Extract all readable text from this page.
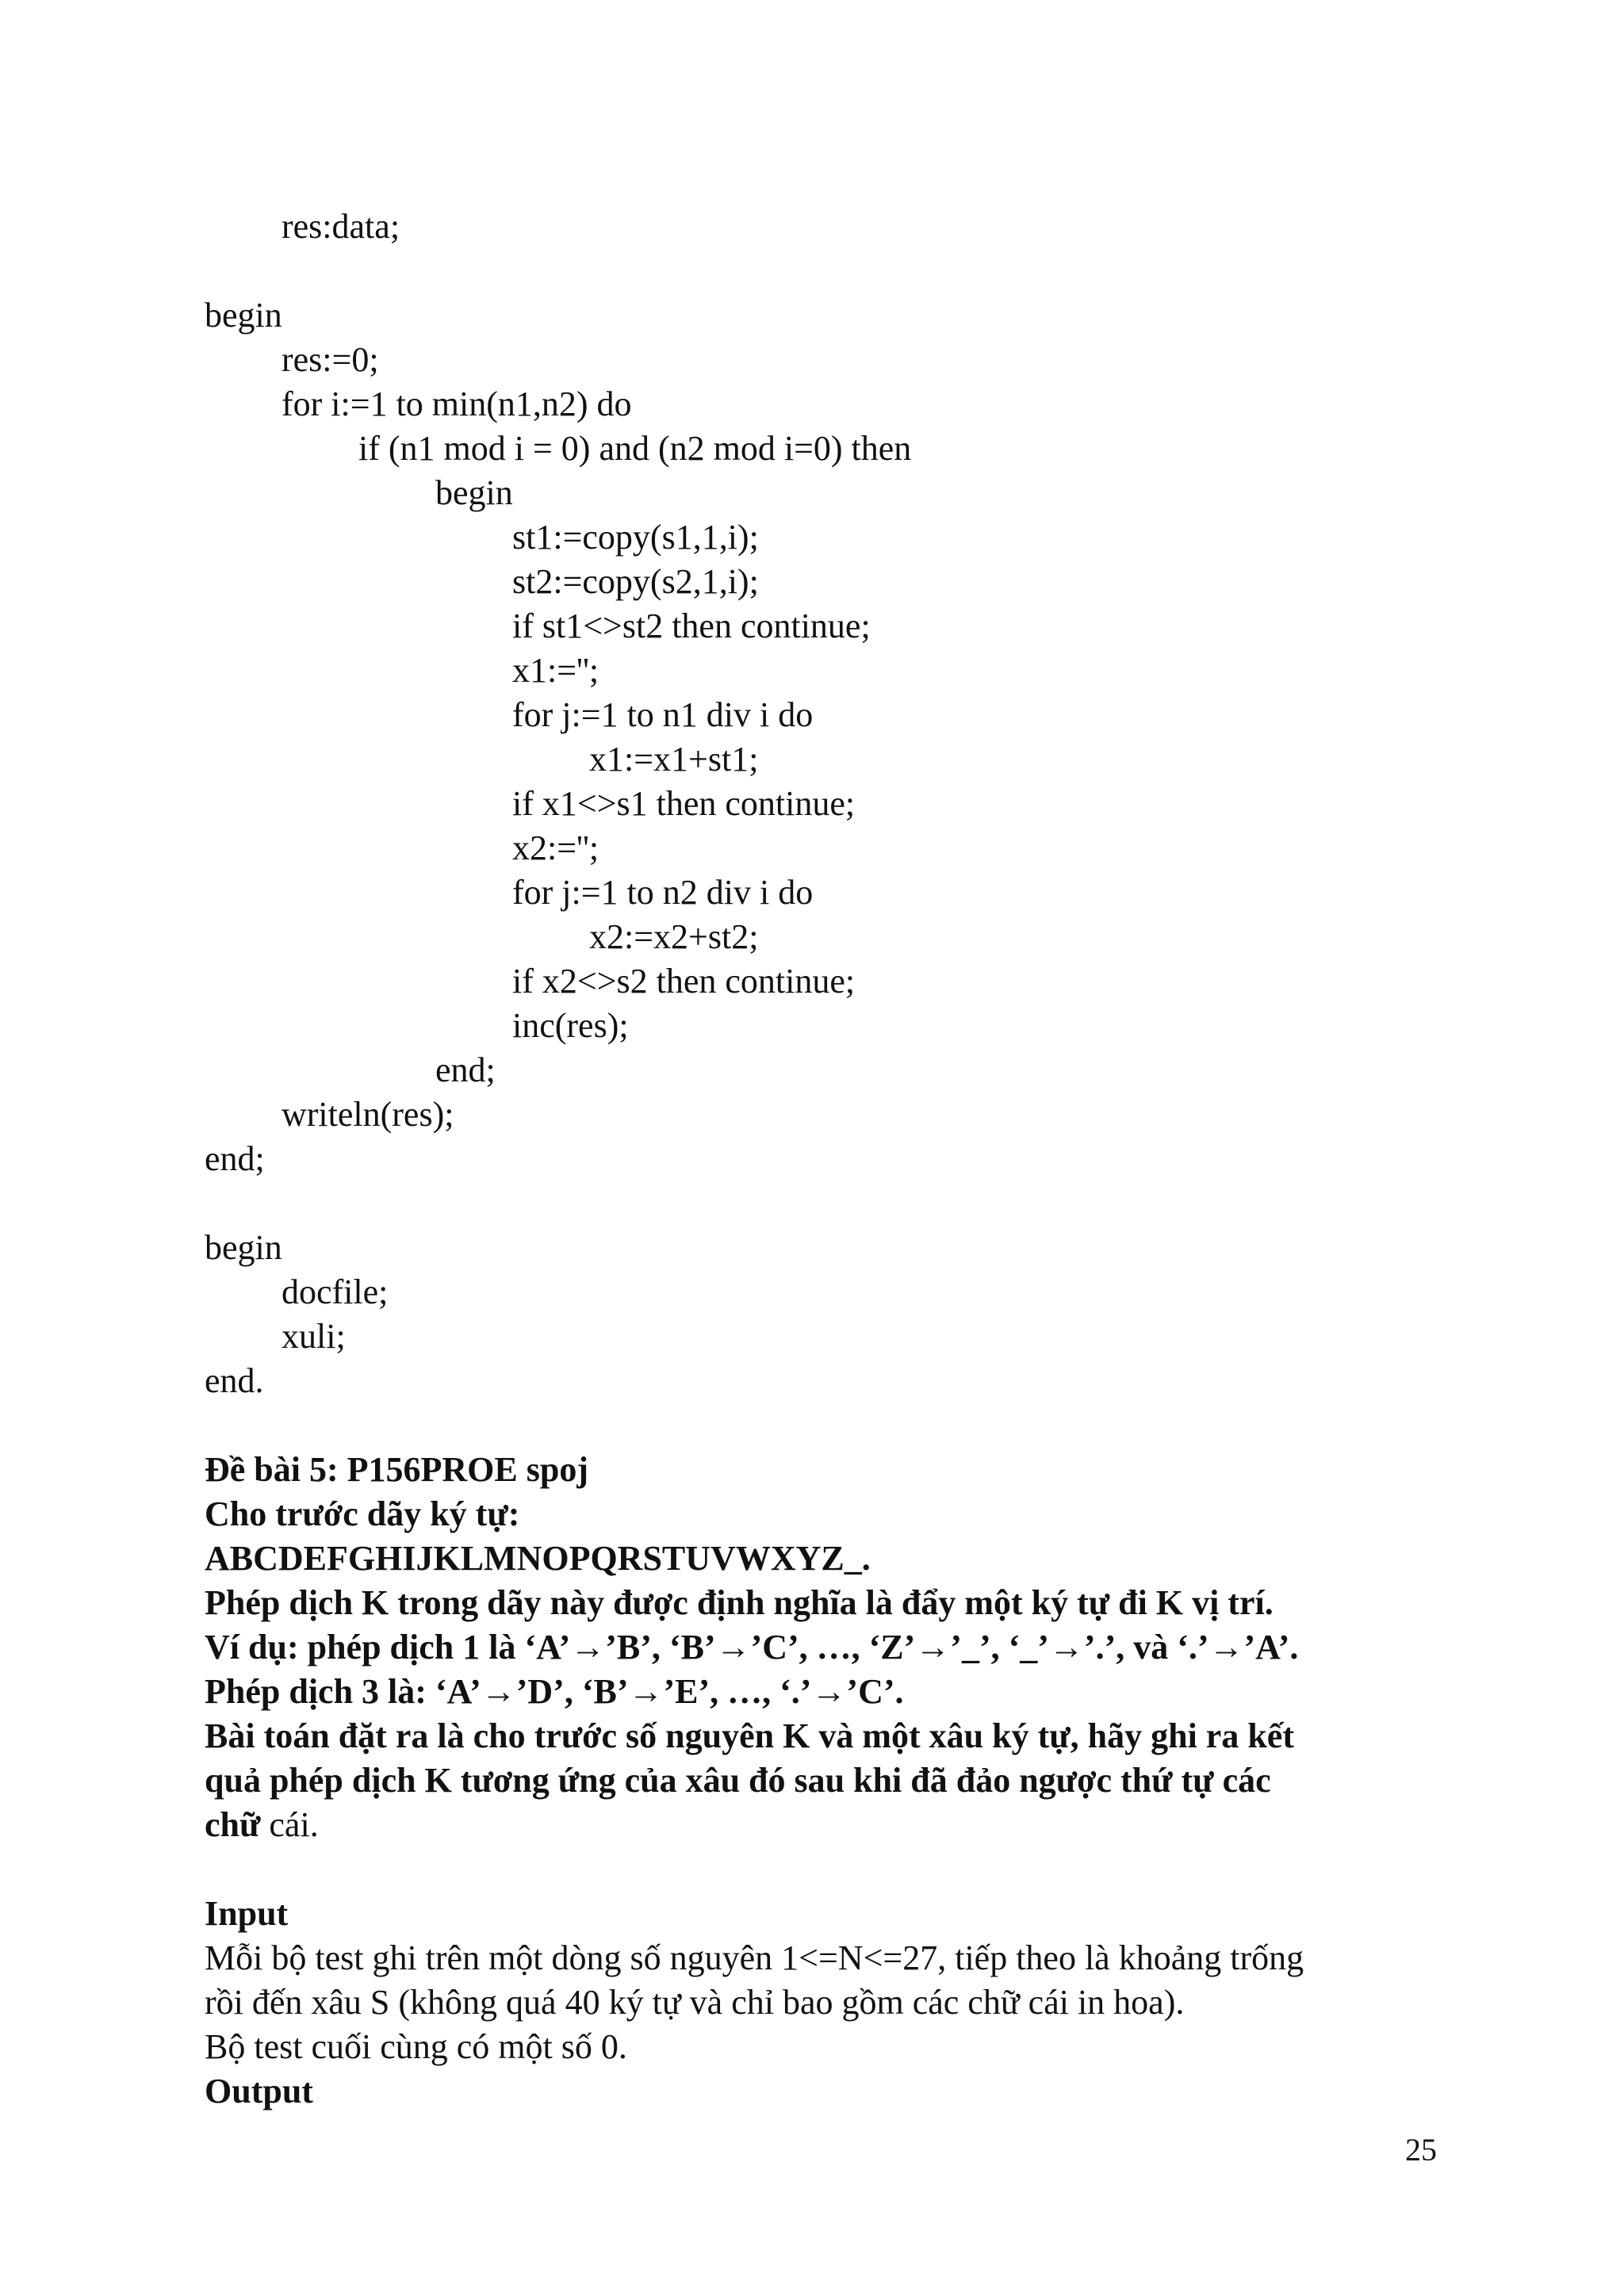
res:data;
begin
res:=0;
for i:=1 to min(n1,n2) do
if (n1 mod i = 0) and (n2 mod i=0) then
begin
st1:=copy(s1,1,i);
st2:=copy(s2,1,i);
if st1<>st2 then continue;
x1:='';
for j:=1 to n1 div i do
x1:=x1+st1;
if x1<>s1 then continue;
x2:='';
for j:=1 to n2 div i do
x2:=x2+st2;
if x2<>s2 then continue;
inc(res);
end;
writeln(res);
end;
begin
docfile;
xuli;
end.
Đề bài 5: P156PROE spoj
Cho trước dãy ký tự:
ABCDEFGHIJKLMNOPQRSTUVWXYZ_.
Phép dịch K trong dãy này được định nghĩa là đẩy một ký tự đi K vị trí.
Ví dụ: phép dịch 1 là ‘A’→’B’, ‘B’→’C’, …, ‘Z’→’_’, ‘_’→’.’, và ‘.’→’A’.
Phép dịch 3 là: ‘A’→’D’, ‘B’→’E’, …, ‘.’→’C’.
Bài toán đặt ra là cho trước số nguyên K và một xâu ký tự, hãy ghi ra kết
quả phép dịch K tương ứng của xâu đó sau khi đã đảo ngược thứ tự các
chữ cái.
Input
Mỗi bộ test ghi trên một dòng số nguyên 1<=N<=27, tiếp theo là khoảng trống
rồi đến xâu S (không quá 40 ký tự và chỉ bao gồm các chữ cái in hoa).
Bộ test cuối cùng có một số 0.
Output
25
